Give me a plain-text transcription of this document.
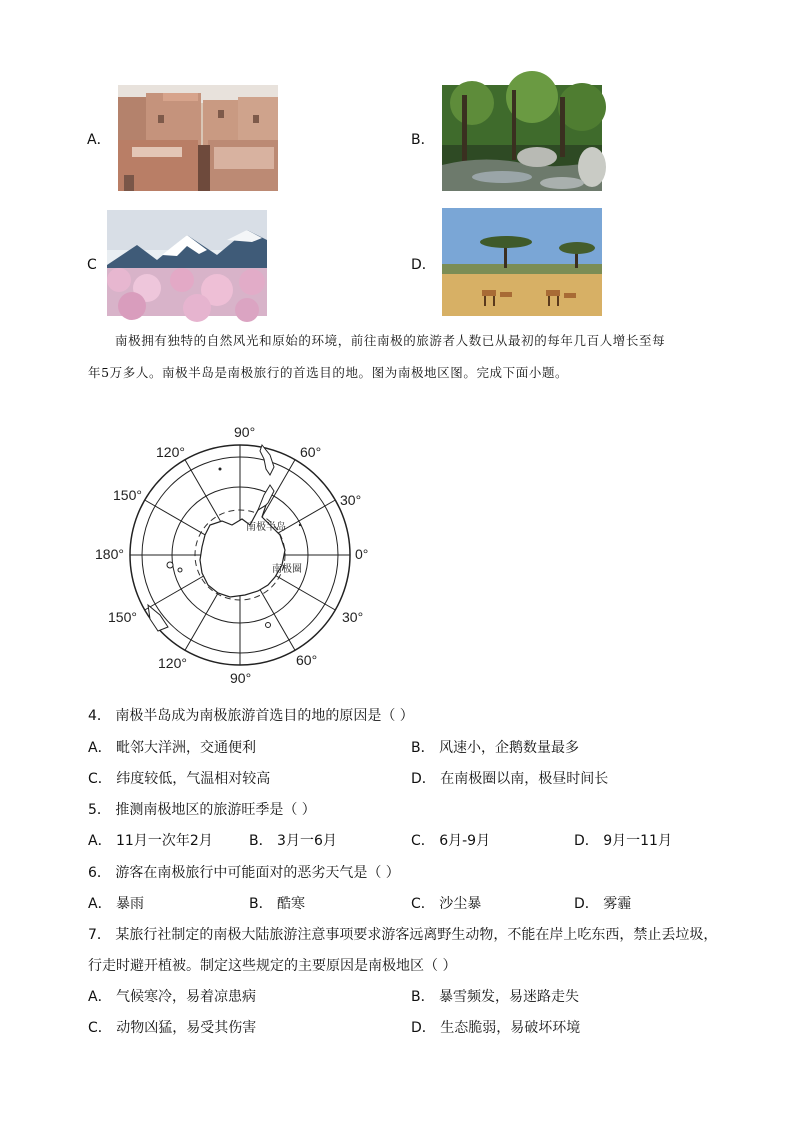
A．	B．
C	D．
南极拥有独特的自然风光和原始的环境，前往南极的旅游者人数已从最初的每年几百人增长至每
年5万多人。南极半岛是南极旅行的首选目的地。图为南极地区图。完成下面小题。
90°
120°	60°
150°	30°
180°	0°
150°	30°
120°	60°
90°
南极半岛
南极圈
4． 南极半岛成为南极旅游首选目的地的原因是（ ）
A． 毗邻大洋洲，交通便利	B． 风速小，企鹅数量最多
C． 纬度较低，气温相对较高	D． 在南极圈以南，极昼时间长
5． 推测南极地区的旅游旺季是（ ）
A． 11月一次年2月	B． 3月一6月	C． 6月-9月	D． 9月一11月
6． 游客在南极旅行中可能面对的恶劣天气是（ ）
A． 暴雨	B． 酷寒	C． 沙尘暴	D． 雾霾
7． 某旅行社制定的南极大陆旅游注意事项要求游客远离野生动物，不能在岸上吃东西，禁止丢垃圾，
行走时避开植被。制定这些规定的主要原因是南极地区（ ）
A． 气候寒冷，易着凉患病	B． 暴雪频发，易迷路走失
C． 动物凶猛，易受其伤害	D． 生态脆弱，易破坏环境
